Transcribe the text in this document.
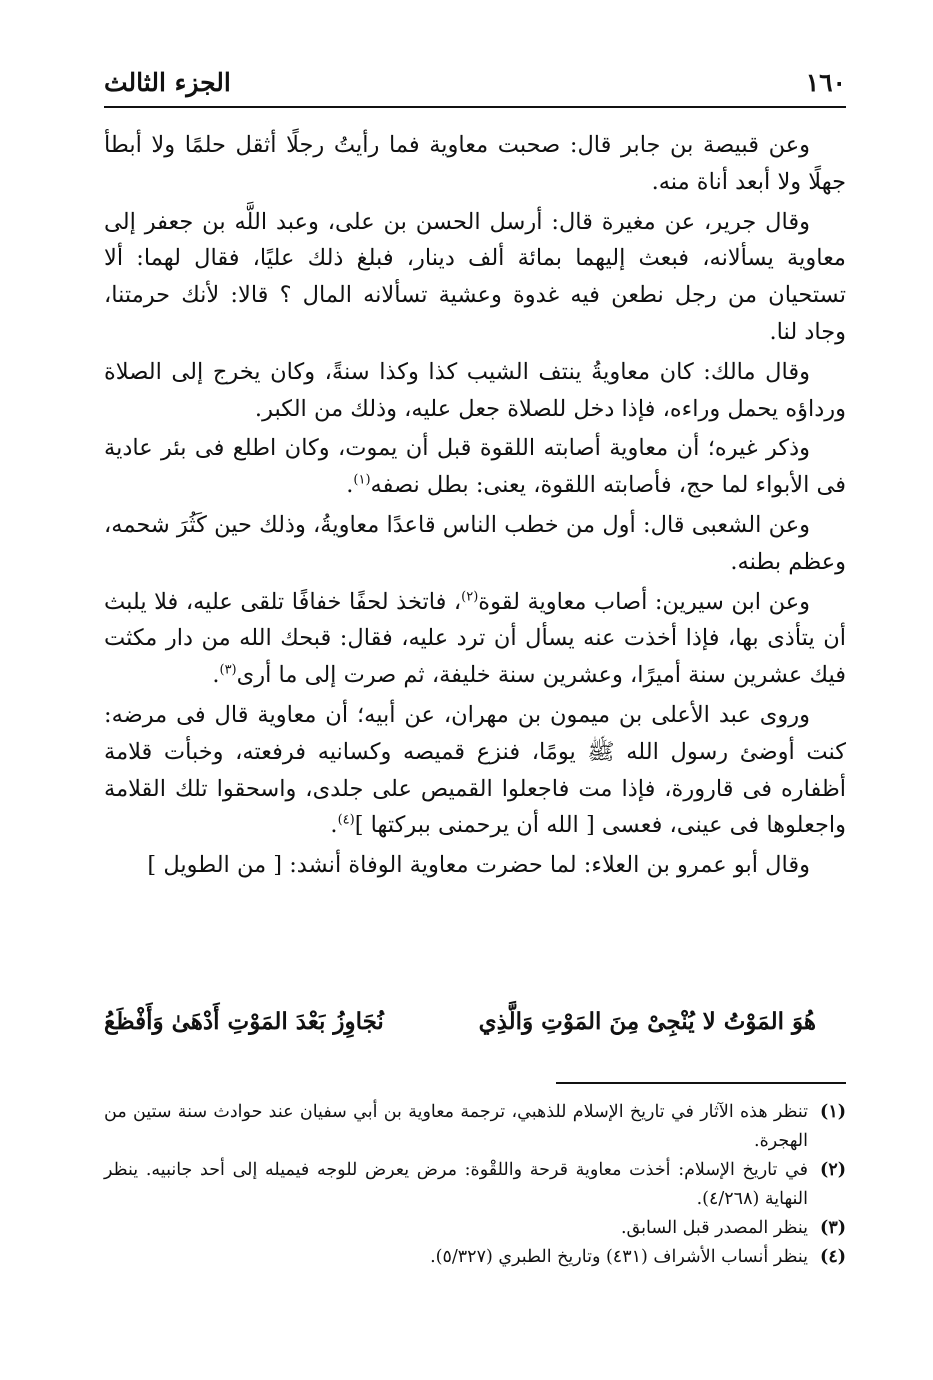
١٦٠
الجزء الثالث

وعن قبيصة بن جابر قال: صحبت معاوية فما رأيتُ رجلًا أثقل حلمًا ولا أبطأ جهلًا ولا أبعد أناة منه.

وقال جرير، عن مغيرة قال: أرسل الحسن بن على، وعبد اللَّه بن جعفر إلى معاوية يسألانه، فبعث إليهما بمائة ألف دينار، فبلغ ذلك عليًا، فقال لهما: ألا تستحيان من رجل نطعن فيه غدوة وعشية تسألانه المال ؟ قالا: لأنك حرمتنا، وجاد لنا.

وقال مالك: كان معاويةُ ينتف الشيب كذا وكذا سنةً، وكان يخرج إلى الصلاة ورداؤه يحمل وراءه، فإذا دخل للصلاة جعل عليه، وذلك من الكبر.

وذكر غيره؛ أن معاوية أصابته اللقوة قبل أن يموت، وكان اطلع فى بئر عادية فى الأبواء لما حج، فأصابته اللقوة، يعنى: بطل نصفه$^{(١)}$.

وعن الشعبى قال: أول من خطب الناس قاعدًا معاويةُ، وذلك حين كَثُرَ شحمه، وعظم بطنه.

وعن ابن سيرين: أصاب معاوية لقوة$^{(٢)}$، فاتخذ لحفًا خفافًا تلقى عليه، فلا يلبث أن يتأذى بها، فإذا أخذت عنه يسأل أن ترد عليه، فقال: قبحك الله من دار مكثت فيك عشرين سنة أميرًا، وعشرين سنة خليفة، ثم صرت إلى ما أرى$^{(٣)}$.

وروى عبد الأعلى بن ميمون بن مهران، عن أبيه؛ أن معاوية قال فى مرضه: كنت أوضئ رسول الله ﷺ يومًا، فنزع قميصه وكسانيه فرفعته، وخبأت قلامة أظفاره فى قارورة، فإذا مت فاجعلوا القميص على جلدى، واسحقوا تلك القلامة واجعلوها فى عينى، فعسى [ الله أن يرحمنى ببركتها ]$^{(٤)}$.

وقال أبو عمرو بن العلاء: لما حضرت معاوية الوفاة أنشد: [ من الطويل ]

هُوَ المَوْتُ لا يُنْجِىْ مِنَ المَوْتِ وَالَّذِي
نُجَاوِزُ بَعْدَ المَوْتِ أَدْهَىٰ وَأَفْظَعُ

(١)
تنظر هذه الآثار في تاريخ الإسلام للذهبي، ترجمة معاوية بن أبي سفيان عند حوادث سنة ستين من الهجرة.

(٢)
في تاريخ الإسلام: أخذت معاوية قرحة واللقْوة: مرض يعرض للوجه فيميله إلى أحد جانبيه. ينظر النهاية (٤/٢٦٨).

(٣)
ينظر المصدر قبل السابق.

(٤)
ينظر أنساب الأشراف (٤٣١) وتاريخ الطبري (٥/٣٢٧).
